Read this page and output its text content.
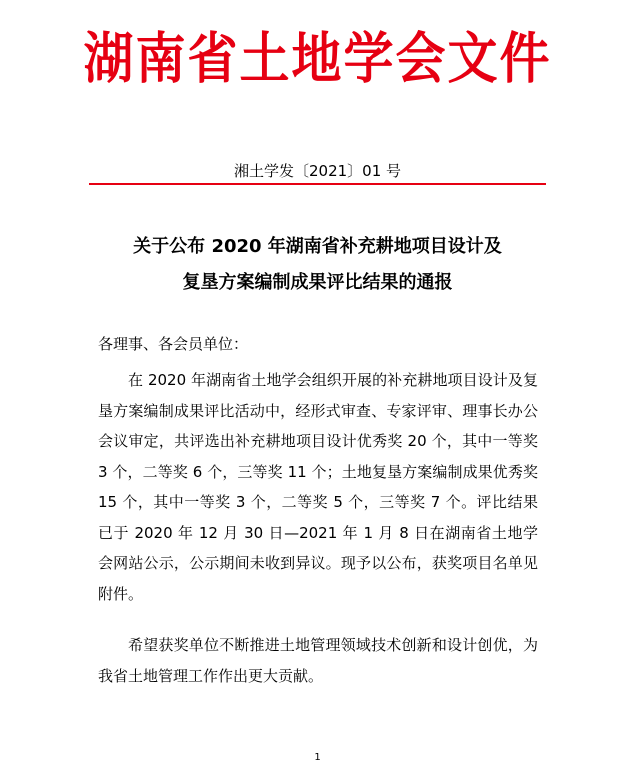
湖南省土地学会文件
湘土学发〔2021〕01 号
关于公布 2020 年湖南省补充耕地项目设计及
复垦方案编制成果评比结果的通报
各理事、各会员单位：

在 2020 年湖南省土地学会组织开展的补充耕地项目设计及复垦方案编制成果评比活动中，经形式审查、专家评审、理事长办公会议审定，共评选出补充耕地项目设计优秀奖 20 个，其中一等奖 3 个，二等奖 6 个，三等奖 11 个；土地复垦方案编制成果优秀奖 15 个，其中一等奖 3 个，二等奖 5 个，三等奖 7 个。评比结果已于 2020 年 12 月 30 日—2021 年 1 月 8 日在湖南省土地学会网站公示，公示期间未收到异议。现予以公布，获奖项目名单见附件。

希望获奖单位不断推进土地管理领域技术创新和设计创优，为我省土地管理工作作出更大贡献。

1
